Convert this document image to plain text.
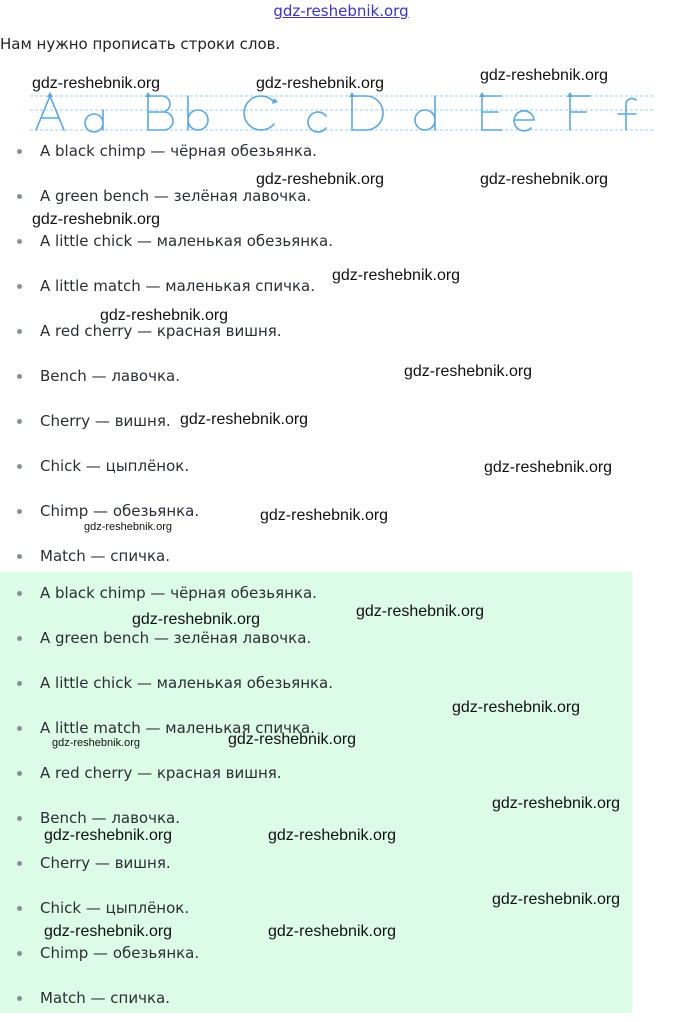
gdz-reshebnik.org

Нам нужно прописать строки слов.

A black chimp — чёрная обезьянка.
A green bench — зелёная лавочка.
A little chick — маленькая обезьянка.
A little match — маленькая спичка.
A red cherry — красная вишня.
Bench — лавочка.
Cherry — вишня.
Chick — цыплёнок.
Chimp — обезьянка.
Match — спичка.
A black chimp — чёрная обезьянка.
A green bench — зелёная лавочка.
A little chick — маленькая обезьянка.
A little match — маленькая спичка.
A red cherry — красная вишня.
Bench — лавочка.
Cherry — вишня.
Chick — цыплёнок.
Chimp — обезьянка.
Match — спичка.
gdz-reshebnik.org	gdz-reshebnik.org	gdz-reshebnik.org
gdz-reshebnik.org	gdz-reshebnik.org
gdz-reshebnik.org
gdz-reshebnik.org
gdz-reshebnik.org
gdz-reshebnik.org
gdz-reshebnik.org
gdz-reshebnik.org
gdz-reshebnik.org
gdz-reshebnik.org
gdz-reshebnik.org
gdz-reshebnik.org
gdz-reshebnik.org
gdz-reshebnik.org
gdz-reshebnik.org
gdz-reshebnik.org
gdz-reshebnik.org	gdz-reshebnik.org
gdz-reshebnik.org
gdz-reshebnik.org	gdz-reshebnik.org
